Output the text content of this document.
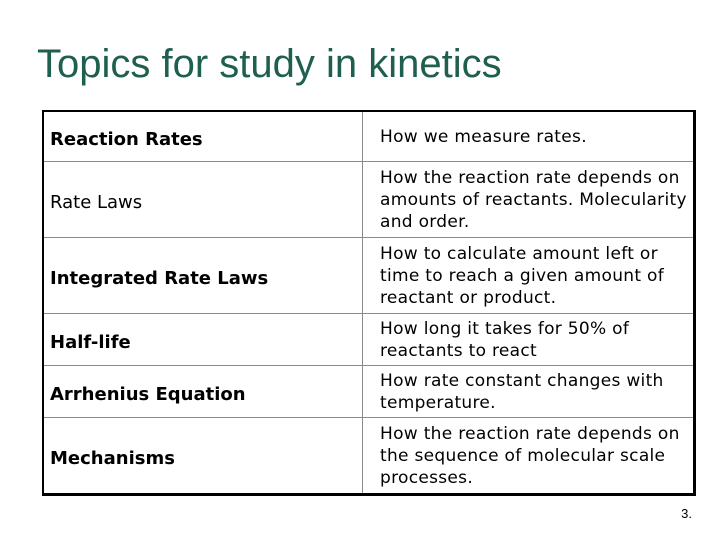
Topics for study in kinetics
Reaction Rates	How we measure rates.
Rate Laws
How the reaction rate depends on amounts of reactants. Molecularity and order.
Integrated Rate Laws
How to calculate amount left or time to reach a given amount of reactant or product.
Half-life
How long it takes for 50% of reactants to react
Arrhenius Equation
How rate constant changes with temperature.
Mechanisms
How the reaction rate depends on the sequence of molecular scale processes.
3.
